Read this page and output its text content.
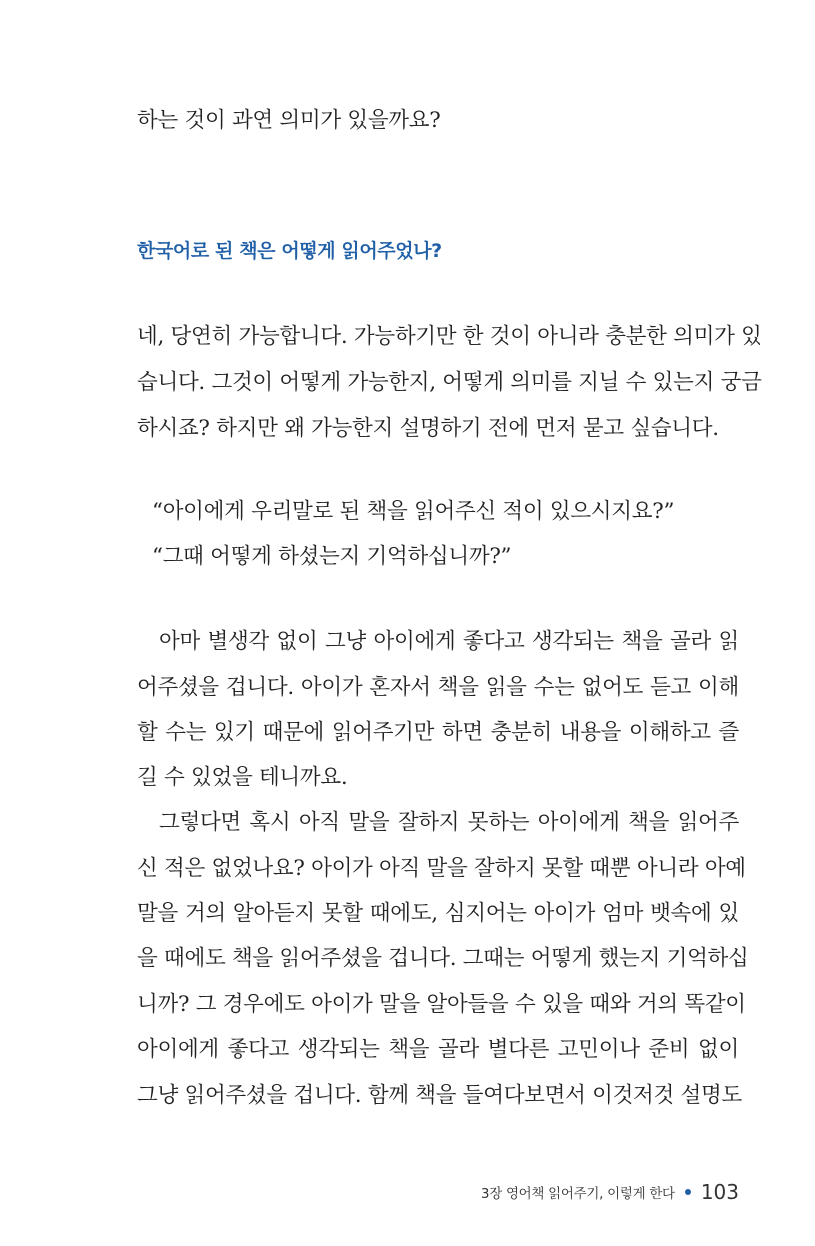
하는 것이 과연 의미가 있을까요?
한국어로 된 책은 어떻게 읽어주었나?
네, 당연히 가능합니다. 가능하기만 한 것이 아니라 충분한 의미가 있
습니다. 그것이 어떻게 가능한지, 어떻게 의미를 지닐 수 있는지 궁금
하시죠? 하지만 왜 가능한지 설명하기 전에 먼저 묻고 싶습니다.
“아이에게 우리말로 된 책을 읽어주신 적이 있으시지요?”
“그때 어떻게 하셨는지 기억하십니까?”
아마 별생각 없이 그냥 아이에게 좋다고 생각되는 책을 골라 읽
어주셨을 겁니다. 아이가 혼자서 책을 읽을 수는 없어도 듣고 이해
할 수는 있기 때문에 읽어주기만 하면 충분히 내용을 이해하고 즐
길 수 있었을 테니까요.
그렇다면 혹시 아직 말을 잘하지 못하는 아이에게 책을 읽어주
신 적은 없었나요? 아이가 아직 말을 잘하지 못할 때뿐 아니라 아예
말을 거의 알아듣지 못할 때에도, 심지어는 아이가 엄마 뱃속에 있
을 때에도 책을 읽어주셨을 겁니다. 그때는 어떻게 했는지 기억하십
니까? 그 경우에도 아이가 말을 알아들을 수 있을 때와 거의 똑같이
아이에게 좋다고 생각되는 책을 골라 별다른 고민이나 준비 없이
그냥 읽어주셨을 겁니다. 함께 책을 들여다보면서 이것저것 설명도
3장 영어책 읽어주기, 이렇게 한다 103
